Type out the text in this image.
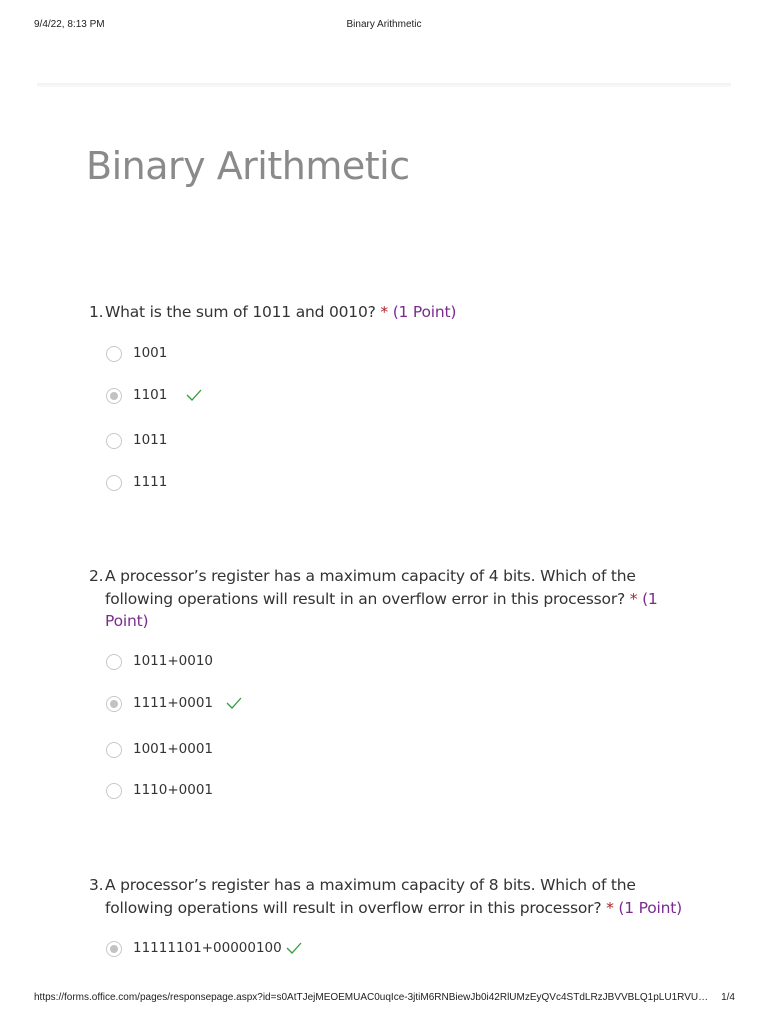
9/4/22, 8:13 PM	Binary Arithmetic
Binary Arithmetic
1. What is the sum of 1011 and 0010? * (1 Point)
1001
1101
1011
1111
2. A processor’s register has a maximum capacity of 4 bits. Which of the following operations will result in an overflow error in this processor? * (1 Point)
1011+0010
1111+0001
1001+0001
1110+0001
3. A processor’s register has a maximum capacity of 8 bits. Which of the following operations will result in overflow error in this processor? * (1 Point)
11111101+00000100
https://forms.office.com/pages/responsepage.aspx?id=s0AtTJejMEOEMUAC0uqIce-3jtiM6RNBiewJb0i42RlUMzEyQVc4STdLRzJBVVBLQ1pLU1RVU…	1/4
